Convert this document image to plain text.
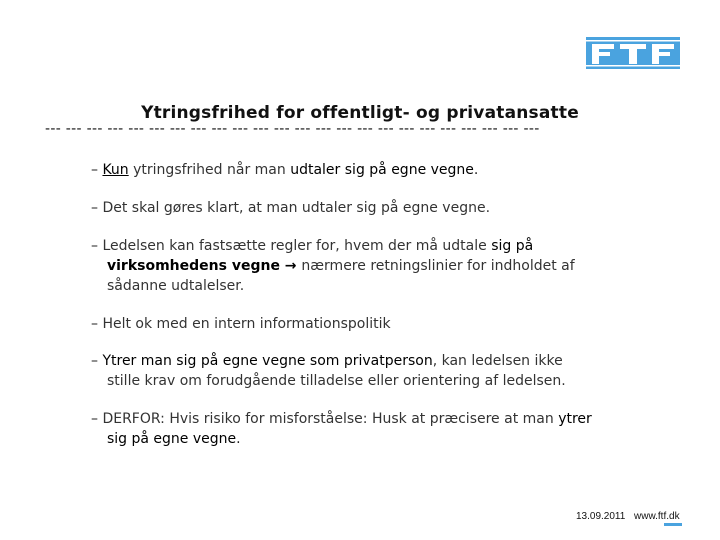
Ytringsfrihed for offentligt- og privatansatte
--- --- --- --- --- --- --- --- --- --- --- --- --- --- --- --- --- --- --- --- --- --- --- ---
– Kun ytringsfrihed når man udtaler sig på egne vegne.
– Det skal gøres klart, at man udtaler sig på egne vegne.
– Ledelsen kan fastsætte regler for, hvem der må udtale sig på
virksomhedens vegne → nærmere retningslinier for indholdet af
sådanne udtalelser.
– Helt ok med en intern informationspolitik
– Ytrer man sig på egne vegne som privatperson, kan ledelsen ikke
stille krav om forudgående tilladelse eller orientering af ledelsen.
– DERFOR: Hvis risiko for misforståelse: Husk at præcisere at man ytrer
sig på egne vegne.
13.09.2011 www.ftf.dk
